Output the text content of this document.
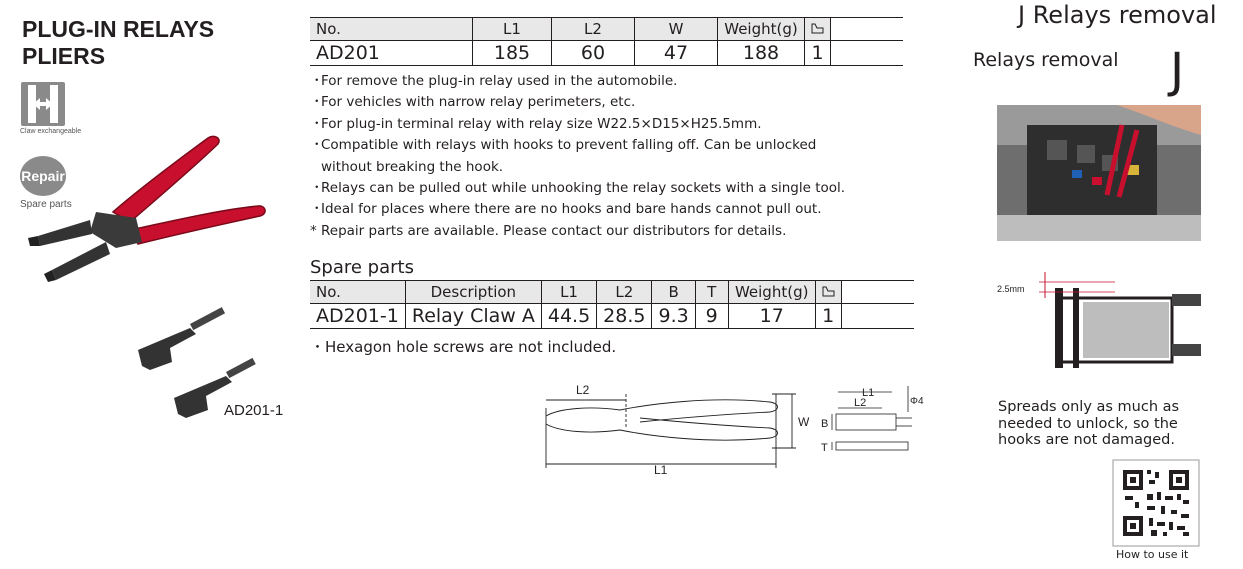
PLUG-IN RELAYS
PLIERS
Claw exchangeable
Repair
Spare parts
AD201-1
No.	L1	L2	W	Weight(g)		
AD201	185	60	47	188	1	
・
For remove the plug-in relay used in the automobile.
・
For vehicles with narrow relay perimeters, etc.
・
For plug-in terminal relay with relay size W22.5×D15×H25.5mm.
・
Compatible with relays with hooks to prevent falling off. Can be unlocked without breaking the hook.
・
Relays can be pulled out while unhooking the relay sockets with a single tool.
・
Ideal for places where there are no hooks and bare hands cannot pull out.
* Repair parts are available. Please contact our distributors for details.
Spare parts
No.	Description	L1	L2	B	T	Weight(g)		
AD201-1	Relay Claw A	44.5	28.5	9.3	9	17	1	
・Hexagon hole screws are not included.
L2
L1
W
L1
L2
B
T
Φ4
J Relays removal
Relays removal J
2.5mm
Spreads only as much as needed to unlock, so the hooks are not damaged.
How to use it
